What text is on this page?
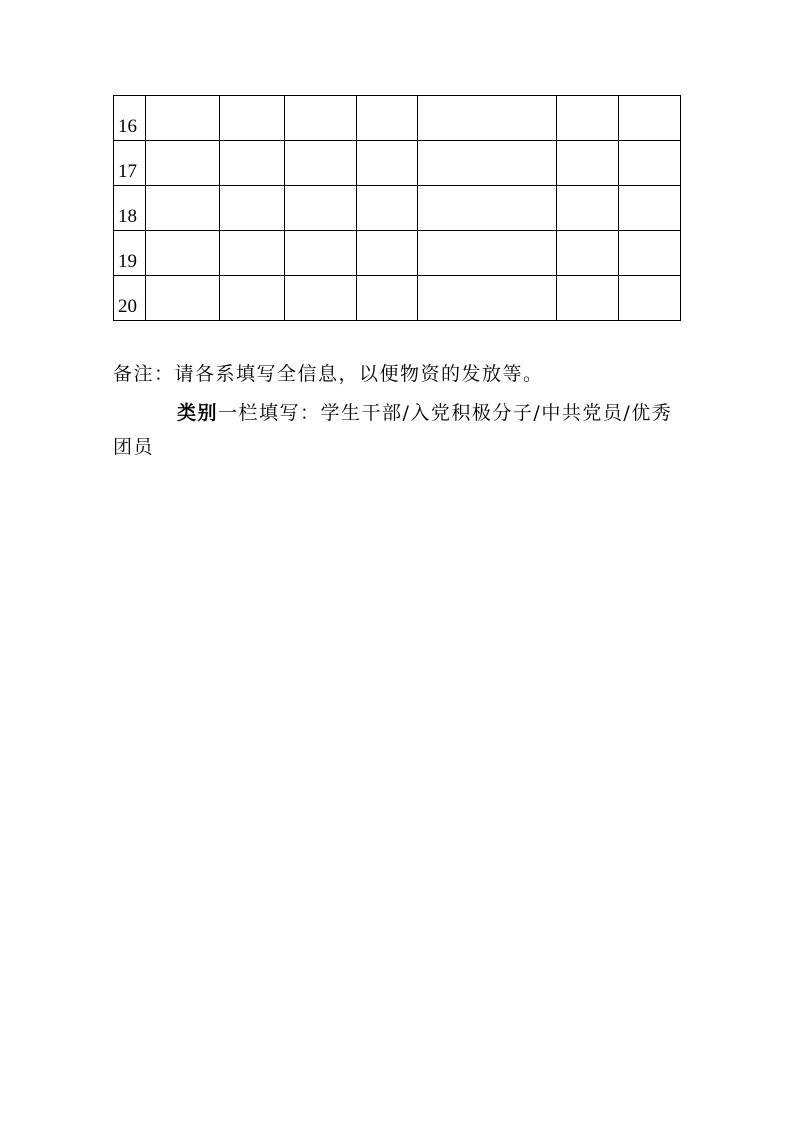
16							
17							
18							
19							
20							

备注：请各系填写全信息，以便物资的发放等。

类别一栏填写：学生干部/入党积极分子/中共党员/优秀团员
